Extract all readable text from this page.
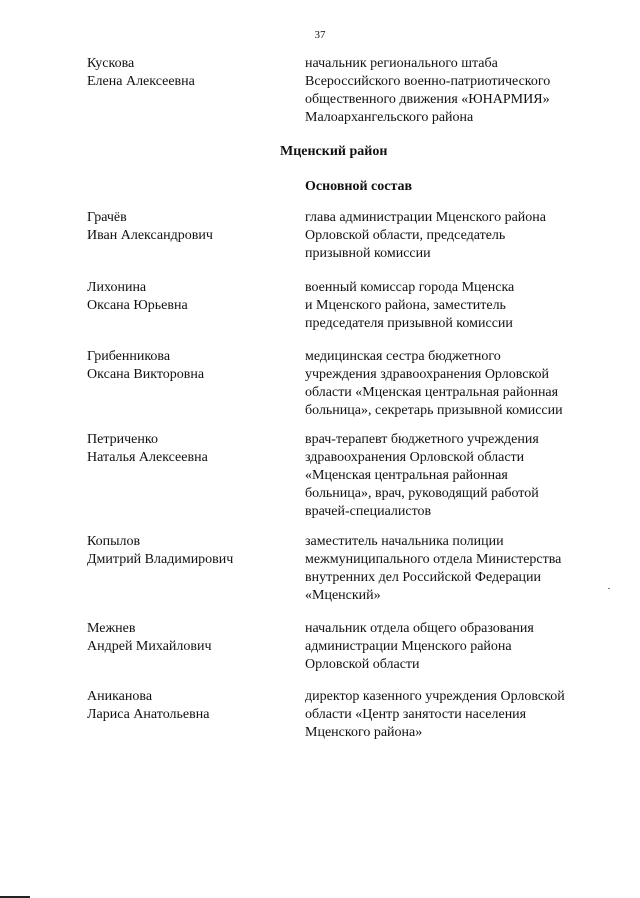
37
Кускова
Елена Алексеевна
начальник регионального штаба
Всероссийского военно-патриотического
общественного движения «ЮНАРМИЯ»
Малоархангельского района
Мценский район
Основной состав
Грачёв
Иван Александрович
глава администрации Мценского района
Орловской области, председатель
призывной комиссии
Лихонина
Оксана Юрьевна
военный комиссар города Мценска
и Мценского района, заместитель
председателя призывной комиссии
Грибенникова
Оксана Викторовна
медицинская сестра бюджетного
учреждения здравоохранения Орловской
области «Мценская центральная районная
больница», секретарь призывной комиссии
Петриченко
Наталья Алексеевна
врач-терапевт бюджетного учреждения
здравоохранения Орловской области
«Мценская центральная районная
больница», врач, руководящий работой
врачей-специалистов
Копылов
Дмитрий Владимирович
заместитель начальника полиции
межмуниципального отдела Министерства
внутренних дел Российской Федерации
«Мценский»
Межнев
Андрей Михайлович
начальник отдела общего образования
администрации Мценского района
Орловской области
Аниканова
Лариса Анатольевна
директор казенного учреждения Орловской
области «Центр занятости населения
Мценского района»
